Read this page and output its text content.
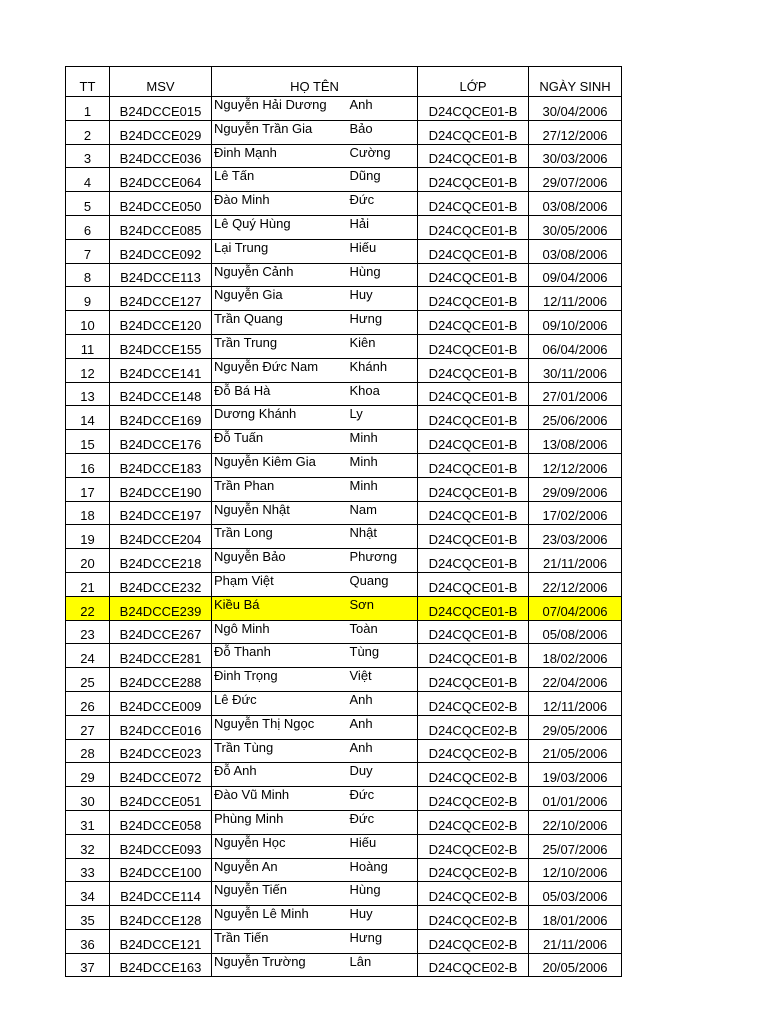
TT	MSV	HỌ TÊN		LỚP	NGÀY SINH
1	B24DCCE015	Nguyễn Hải Dương	Anh	D24CQCE01-B	30/04/2006
2	B24DCCE029	Nguyễn Trần Gia	Bảo	D24CQCE01-B	27/12/2006
3	B24DCCE036	Đinh Mạnh	Cường	D24CQCE01-B	30/03/2006
4	B24DCCE064	Lê Tấn	Dũng	D24CQCE01-B	29/07/2006
5	B24DCCE050	Đào Minh	Đức	D24CQCE01-B	03/08/2006
6	B24DCCE085	Lê Quý Hùng	Hải	D24CQCE01-B	30/05/2006
7	B24DCCE092	Lại Trung	Hiếu	D24CQCE01-B	03/08/2006
8	B24DCCE113	Nguyễn Cảnh	Hùng	D24CQCE01-B	09/04/2006
9	B24DCCE127	Nguyễn Gia	Huy	D24CQCE01-B	12/11/2006
10	B24DCCE120	Trần Quang	Hưng	D24CQCE01-B	09/10/2006
11	B24DCCE155	Trần Trung	Kiên	D24CQCE01-B	06/04/2006
12	B24DCCE141	Nguyễn Đức Nam	Khánh	D24CQCE01-B	30/11/2006
13	B24DCCE148	Đỗ Bá Hà	Khoa	D24CQCE01-B	27/01/2006
14	B24DCCE169	Dương Khánh	Ly	D24CQCE01-B	25/06/2006
15	B24DCCE176	Đỗ Tuấn	Minh	D24CQCE01-B	13/08/2006
16	B24DCCE183	Nguyễn Kiêm Gia	Minh	D24CQCE01-B	12/12/2006
17	B24DCCE190	Trần Phan	Minh	D24CQCE01-B	29/09/2006
18	B24DCCE197	Nguyễn Nhật	Nam	D24CQCE01-B	17/02/2006
19	B24DCCE204	Trần Long	Nhật	D24CQCE01-B	23/03/2006
20	B24DCCE218	Nguyễn Bảo	Phương	D24CQCE01-B	21/11/2006
21	B24DCCE232	Phạm Việt	Quang	D24CQCE01-B	22/12/2006
22	B24DCCE239	Kiều Bá	Sơn	D24CQCE01-B	07/04/2006
23	B24DCCE267	Ngô Minh	Toàn	D24CQCE01-B	05/08/2006
24	B24DCCE281	Đỗ Thanh	Tùng	D24CQCE01-B	18/02/2006
25	B24DCCE288	Đinh Trọng	Việt	D24CQCE01-B	22/04/2006
26	B24DCCE009	Lê Đức	Anh	D24CQCE02-B	12/11/2006
27	B24DCCE016	Nguyễn Thị Ngọc	Anh	D24CQCE02-B	29/05/2006
28	B24DCCE023	Trần Tùng	Anh	D24CQCE02-B	21/05/2006
29	B24DCCE072	Đỗ Anh	Duy	D24CQCE02-B	19/03/2006
30	B24DCCE051	Đào Vũ Minh	Đức	D24CQCE02-B	01/01/2006
31	B24DCCE058	Phùng Minh	Đức	D24CQCE02-B	22/10/2006
32	B24DCCE093	Nguyễn Học	Hiếu	D24CQCE02-B	25/07/2006
33	B24DCCE100	Nguyễn An	Hoàng	D24CQCE02-B	12/10/2006
34	B24DCCE114	Nguyễn Tiến	Hùng	D24CQCE02-B	05/03/2006
35	B24DCCE128	Nguyễn Lê Minh	Huy	D24CQCE02-B	18/01/2006
36	B24DCCE121	Trần Tiến	Hưng	D24CQCE02-B	21/11/2006
37	B24DCCE163	Nguyễn Trường	Lân	D24CQCE02-B	20/05/2006
